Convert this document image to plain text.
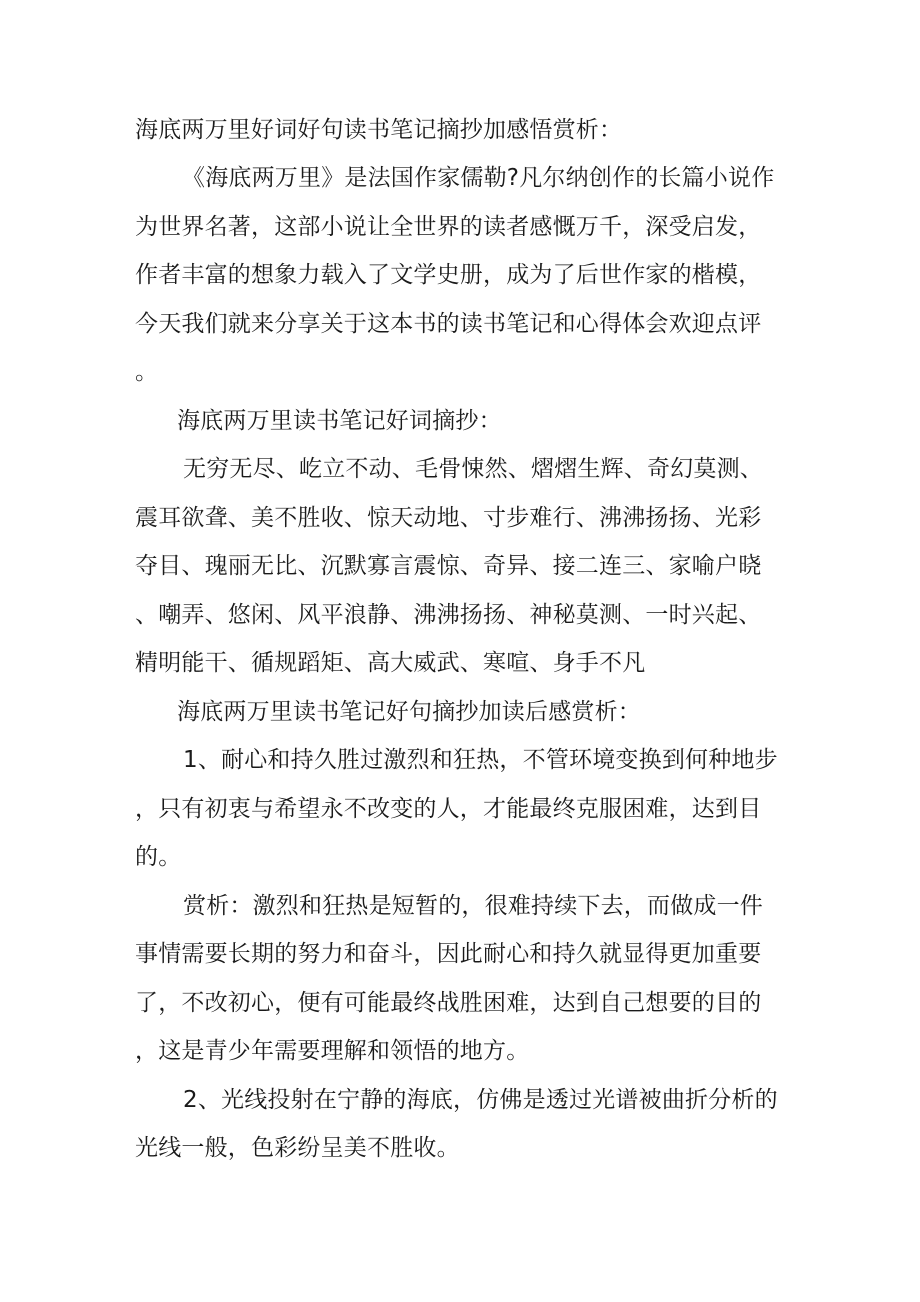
海底两万里好词好句读书笔记摘抄加感悟赏析：
《海底两万里》是法国作家儒勒?凡尔纳创作的长篇小说作
为世界名著，这部小说让全世界的读者感慨万千，深受启发，
作者丰富的想象力载入了文学史册，成为了后世作家的楷模，
今天我们就来分享关于这本书的读书笔记和心得体会欢迎点评
。
海底两万里读书笔记好词摘抄：
无穷无尽、屹立不动、毛骨悚然、熠熠生辉、奇幻莫测、
震耳欲聋、美不胜收、惊天动地、寸步难行、沸沸扬扬、光彩
夺目、瑰丽无比、沉默寡言震惊、奇异、接二连三、家喻户晓
、嘲弄、悠闲、风平浪静、沸沸扬扬、神秘莫测、一时兴起、
精明能干、循规蹈矩、高大威武、寒喧、身手不凡
海底两万里读书笔记好句摘抄加读后感赏析：
1、耐心和持久胜过激烈和狂热，不管环境变换到何种地步
，只有初衷与希望永不改变的人，才能最终克服困难，达到目
的。
赏析：激烈和狂热是短暂的，很难持续下去，而做成一件
事情需要长期的努力和奋斗，因此耐心和持久就显得更加重要
了，不改初心，便有可能最终战胜困难，达到自己想要的目的
，这是青少年需要理解和领悟的地方。
2、光线投射在宁静的海底，仿佛是透过光谱被曲折分析的
光线一般，色彩纷呈美不胜收。
